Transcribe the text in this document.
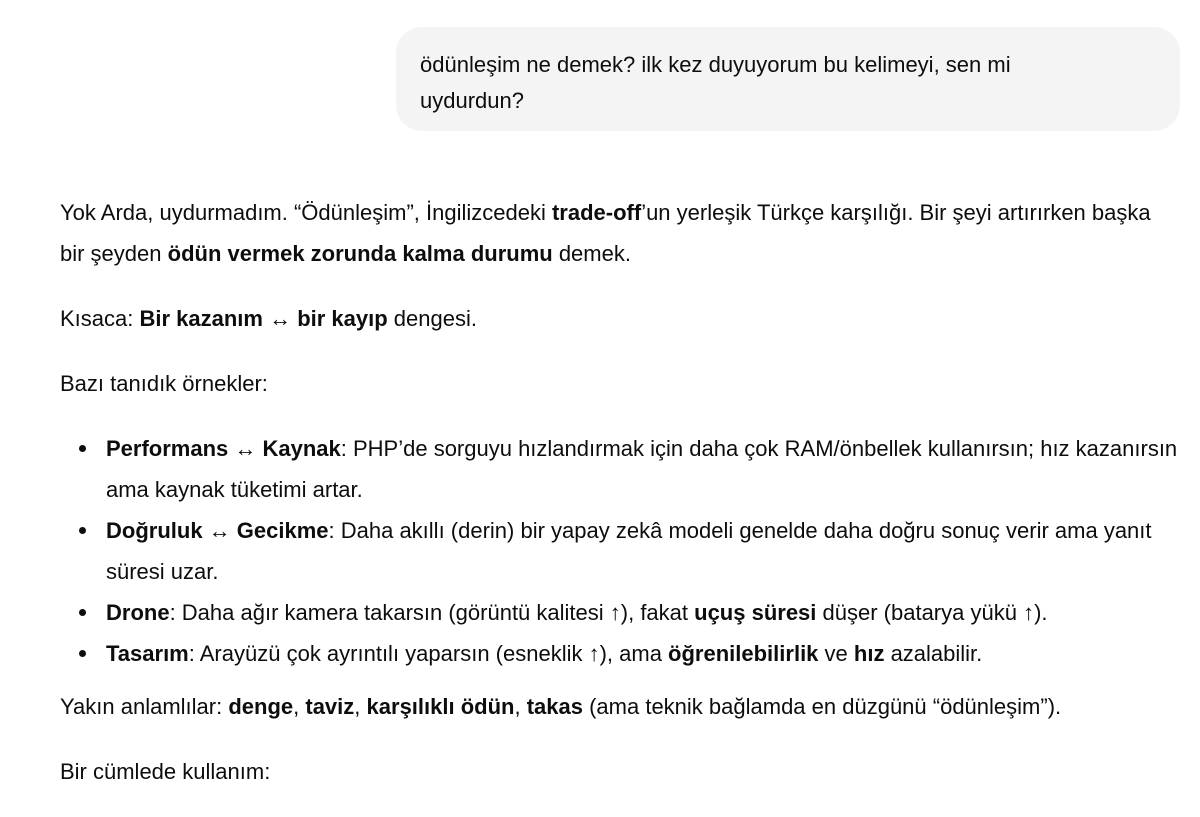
ödünleşim ne demek? ilk kez duyuyorum bu kelimeyi, sen mi
uydurdun?

Yok Arda, uydurmadım. “Ödünleşim”, İngilizcedeki trade-off’un yerleşik Türkçe karşılığı. Bir şeyi artırırken başka bir şeyden ödün vermek zorunda kalma durumu demek.

Kısaca: Bir kazanım ↔ bir kayıp dengesi.

Bazı tanıdık örnekler:

Performans ↔ Kaynak: PHP’de sorguyu hızlandırmak için daha çok RAM/önbellek kullanırsın; hız kazanırsın ama kaynak tüketimi artar.
Doğruluk ↔ Gecikme: Daha akıllı (derin) bir yapay zekâ modeli genelde daha doğru sonuç verir ama yanıt süresi uzar.
Drone: Daha ağır kamera takarsın (görüntü kalitesi ↑), fakat uçuş süresi düşer (batarya yükü ↑).
Tasarım: Arayüzü çok ayrıntılı yaparsın (esneklik ↑), ama öğrenilebilirlik ve hız azalabilir.

Yakın anlamlılar: denge, taviz, karşılıklı ödün, takas (ama teknik bağlamda en düzgünü “ödünleşim”).

Bir cümlede kullanım:
